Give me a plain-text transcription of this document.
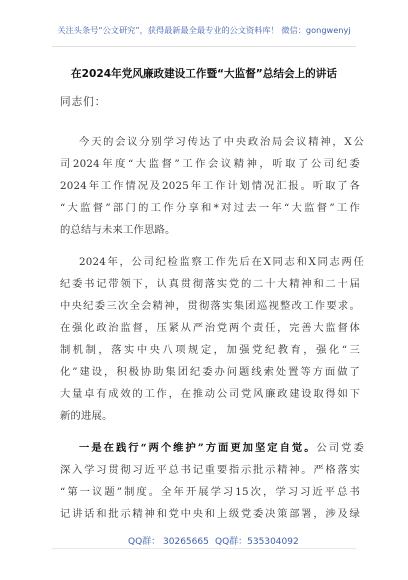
关注头条号“公文研究”，获得最新最全最专业的公文资料库！ 微信：gongwenyj
在2024年党风廉政建设工作暨“大监督”总结会上的讲话
同志们：
今天的会议分别学习传达了中央政治局会议精神，X公
司2024年度“大监督”工作会议精神，听取了公司纪委
2024年工作情况及2025年工作计划情况汇报。听取了各
“大监督”部门的工作分享和*对过去一年“大监督”工作
的总结与未来工作思路。
2024年，公司纪检监察工作先后在X同志和X同志两任
纪委书记带领下，认真贯彻落实党的二十大精神和二十届
中央纪委三次全会精神，贯彻落实集团巡视整改工作要求。
在强化政治监督，压紧从严治党两个责任，完善大监督体
制机制，落实中央八项规定，加强党纪教育，强化“三
化”建设，积极协助集团纪委办问题线索处置等方面做了
大量卓有成效的工作，在推动公司党风廉政建设取得如下
新的进展。
一是在践行“两个维护”方面更加坚定自觉。公司党委
深入学习贯彻习近平总书记重要指示批示精神。严格落实
“第一议题”制度。全年开展学习15次，学习习近平总书
记讲话和批示精神和党中央和上级党委决策部署，涉及绿
QQ群： 30265665 QQ群：535304092
